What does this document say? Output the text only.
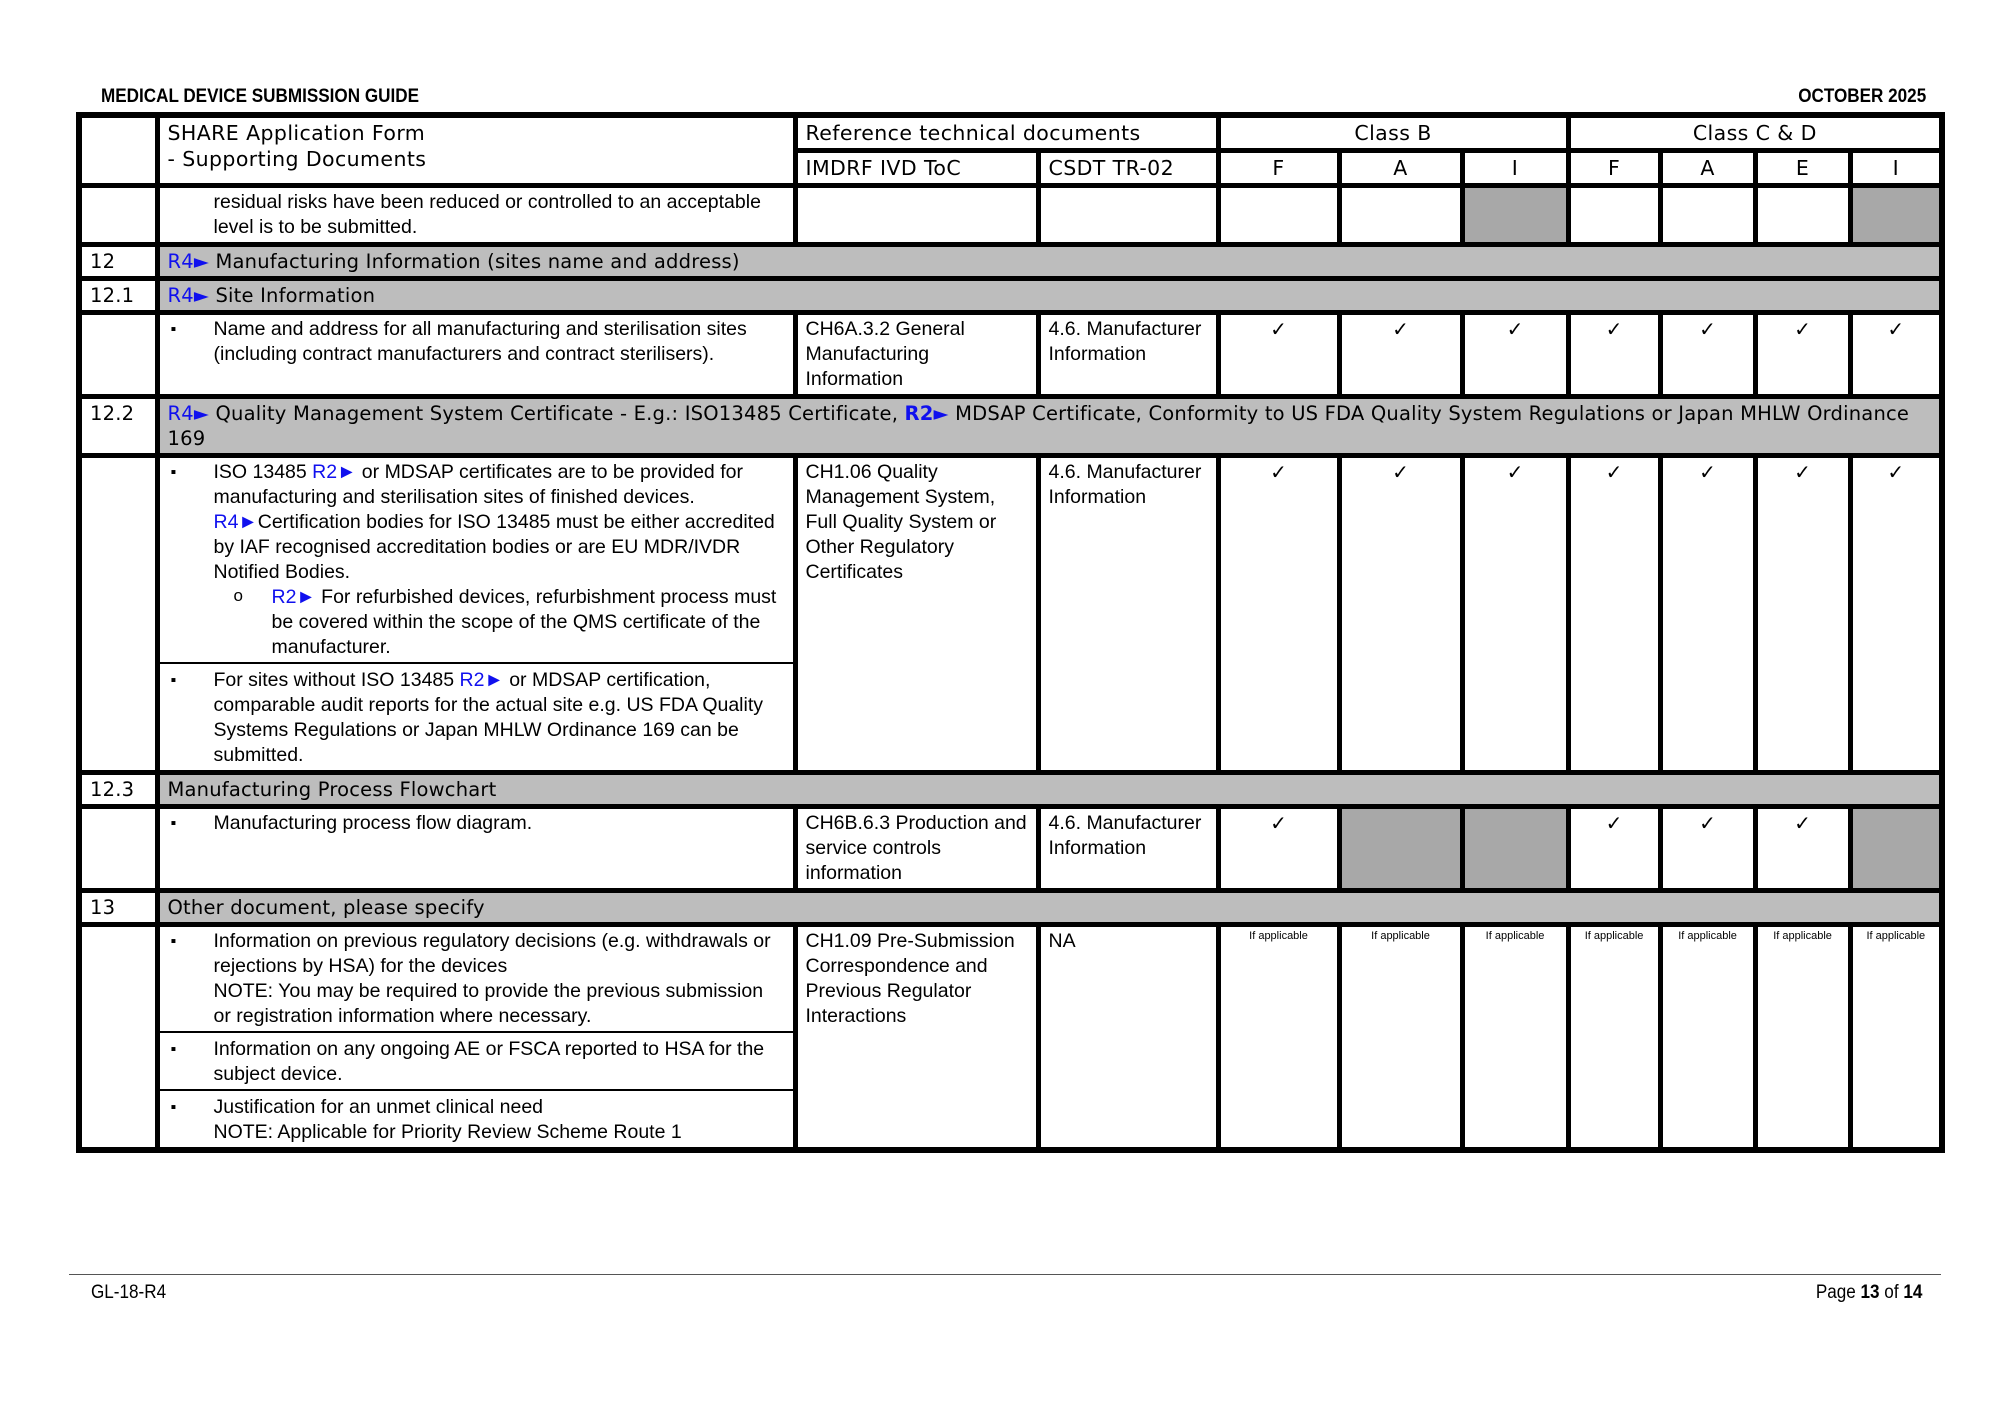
MEDICAL DEVICE SUBMISSION GUIDE	OCTOBER 2025

	SHARE Application Form
- Supporting Documents	Reference technical documents		Class B			Class C & D			
		IMDRF IVD ToC	CSDT TR-02	F	A	I	F	A	E	I

	residual risks have been reduced or controlled to an acceptable level is to be submitted.									

12	R4► Manufacturing Information (sites name and address)									
12.1	R4► Site Information									

	▪ Name and address for all manufacturing and sterilisation sites (including contract manufacturers and contract sterilisers).	CH6A.3.2 General Manufacturing Information	4.6. Manufacturer Information	✓	✓	✓	✓	✓	✓	✓
12.2	R4► Quality Management System Certificate - E.g.: ISO13485 Certificate, R2► MDSAP Certificate, Conformity to US FDA Quality System Regulations or Japan MHLW Ordinance 169									

	▪ ISO 13485 R2► or MDSAP certificates are to be provided for manufacturing and sterilisation sites of finished devices. R4►Certification bodies for ISO 13485 must be either accredited by IAF recognised accreditation bodies or are EU MDR/IVDR Notified Bodies.
o R2► For refurbished devices, refurbishment process must be covered within the scope of the QMS certificate of the manufacturer.
▪ For sites without ISO 13485 R2► or MDSAP certification, comparable audit reports for the actual site e.g. US FDA Quality Systems Regulations or Japan MHLW Ordinance 169 can be submitted.	CH1.06 Quality Management System, Full Quality System or Other Regulatory Certificates	4.6. Manufacturer Information	✓	✓	✓	✓	✓	✓	✓
12.3	Manufacturing Process Flowchart									

	▪ Manufacturing process flow diagram.	CH6B.6.3 Production and service controls information	4.6. Manufacturer Information	✓			✓	✓	✓	
13	Other document, please specify									

	▪ Information on previous regulatory decisions (e.g. withdrawals or rejections by HSA) for the devices
NOTE: You may be required to provide the previous submission or registration information where necessary.
▪ Information on any ongoing AE or FSCA reported to HSA for the subject device.
▪ Justification for an unmet clinical need
NOTE: Applicable for Priority Review Scheme Route 1	CH1.09 Pre-Submission Correspondence and Previous Regulator Interactions	NA	If applicable	If applicable	If applicable	If applicable	If applicable	If applicable	If applicable
GL-18-R4	Page 13 of 14
